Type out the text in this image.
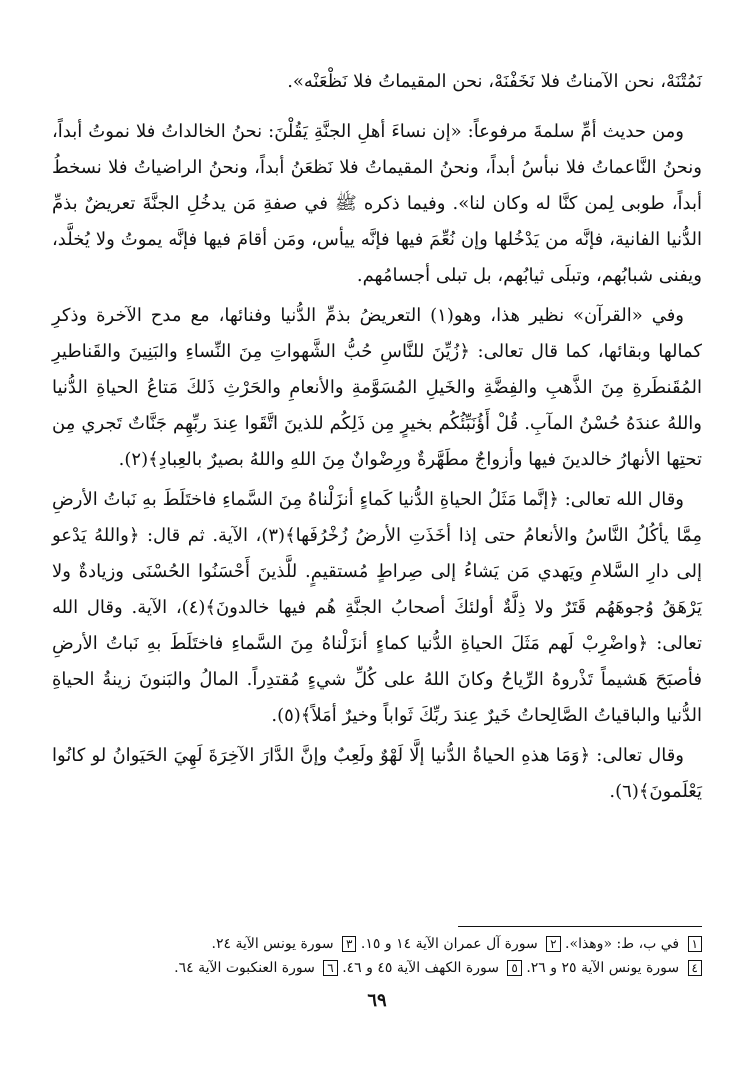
نَمُتْنَهْ، نحن الآمناتُ فلا نَخَفْنَهْ، نحن المقيماتُ فلا نَظْعَنْه».

ومن حديث أمِّ سلمةَ مرفوعاً: «إن نساءَ أهلِ الجنَّةِ يَقُلْنَ: نحنُ الخالداتُ فلا نموتُ أبداً، ونحنُ النَّاعماتُ فلا نبأسُ أبداً، ونحنُ المقيماتُ فلا نَظعَنُ أبداً، ونحنُ الراضياتُ فلا نسخطُ أبداً، طوبى لِمن كنَّا له وكان لنا». وفيما ذكره ﷺ في صفةِ مَن يدخُلِ الجنَّةَ تعريضٌ بذمِّ الدُّنيا الفانية، فإنَّه من يَدْخُلها وإن نُعِّمَ فيها فإنَّه ييأس، ومَن أقامَ فيها فإنَّه يموتُ ولا يُخلَّد، ويفنى شبابُهم، وتبلَى ثيابُهم، بل تبلى أجسامُهم.

وفي «القرآن» نظير هذا، وهو(١) التعريضُ بذمِّ الدُّنيا وفنائها، مع مدح الآخرة وذكرِ كمالها وبقائها، كما قال تعالى: ﴿زُيِّنَ للنَّاسِ حُبُّ الشَّهواتِ مِنَ النِّساءِ والبَنِينَ والقَناطيرِ المُقَنطَرةِ مِنَ الذَّهبِ والفِضَّةِ والخَيلِ المُسَوَّمةِ والأنعامِ والحَرْثِ ذَلكَ مَتاعُ الحياةِ الدُّنيا واللهُ عندَهُ حُسْنُ المآبِ. قُلْ أَؤُنَبِّئُكُم بخيرٍ مِن ذَلِكُم للذينَ اتَّقَوا عِندَ ربِّهِم جَنَّاتٌ تَجري مِن تحتِها الأنهارُ خالدينَ فيها وأزواجٌ مطَهَّرةٌ ورِضْوانٌ مِنَ اللهِ واللهُ بصيرٌ بالعِبادِ﴾(٢).

وقال الله تعالى: ﴿إنَّما مَثَلُ الحياةِ الدُّنيا كَماءٍ أنزَلْناهُ مِنَ السَّماءِ فاختَلَطَ بهِ نَباتُ الأرضِ مِمَّا يأكُلُ النَّاسُ والأنعامُ حتى إذا أخَذَتِ الأرضُ زُخْرُفَها﴾(٣)، الآية. ثم قال: ﴿واللهُ يَدْعو إلى دارِ السَّلامِ ويَهدي مَن يَشاءُ إلى صِراطٍ مُستقيمٍ. للَّذينَ أَحْسَنُوا الحُسْنَى وزيادةٌ ولا يَرْهَقُ وُجوهَهُم قَتَرٌ ولا ذِلَّةٌ أولئكَ أصحابُ الجنَّةِ هُم فيها خالدونَ﴾(٤)، الآية. وقال الله تعالى: ﴿واضْرِبْ لَهم مَثَلَ الحياةِ الدُّنيا كماءٍ أنزَلْناهُ مِنَ السَّماءِ فاختَلَطَ بهِ نَباتُ الأرضِ فأصبَحَ هَشيماً تَذْروهُ الرِّياحُ وكانَ اللهُ على كُلِّ شيءٍ مُقتدِراً. المالُ والبَنونَ زينةُ الحياةِ الدُّنيا والباقياتُ الصَّالِحاتُ خَيرٌ عِندَ ربِّكَ ثَواباً وخيرٌ أمَلاً﴾(٥).

وقال تعالى: ﴿وَمَا هذهِ الحياةُ الدُّنيا إلَّا لَهْوٌ ولَعِبٌ وإنَّ الدَّارَ الآخِرَةَ لَهِيَ الحَيَوانُ لو كانُوا يَعْلَمونَ﴾(٦).

١ في ب، ط: «وهذا». ٢ سورة آل عمران الآية ١٤ و ١٥. ٣ سورة يونس الآية ٢٤.
٤ سورة يونس الآية ٢٥ و ٢٦. ٥ سورة الكهف الآية ٤٥ و ٤٦. ٦ سورة العنكبوت الآية ٦٤.
٦٩
